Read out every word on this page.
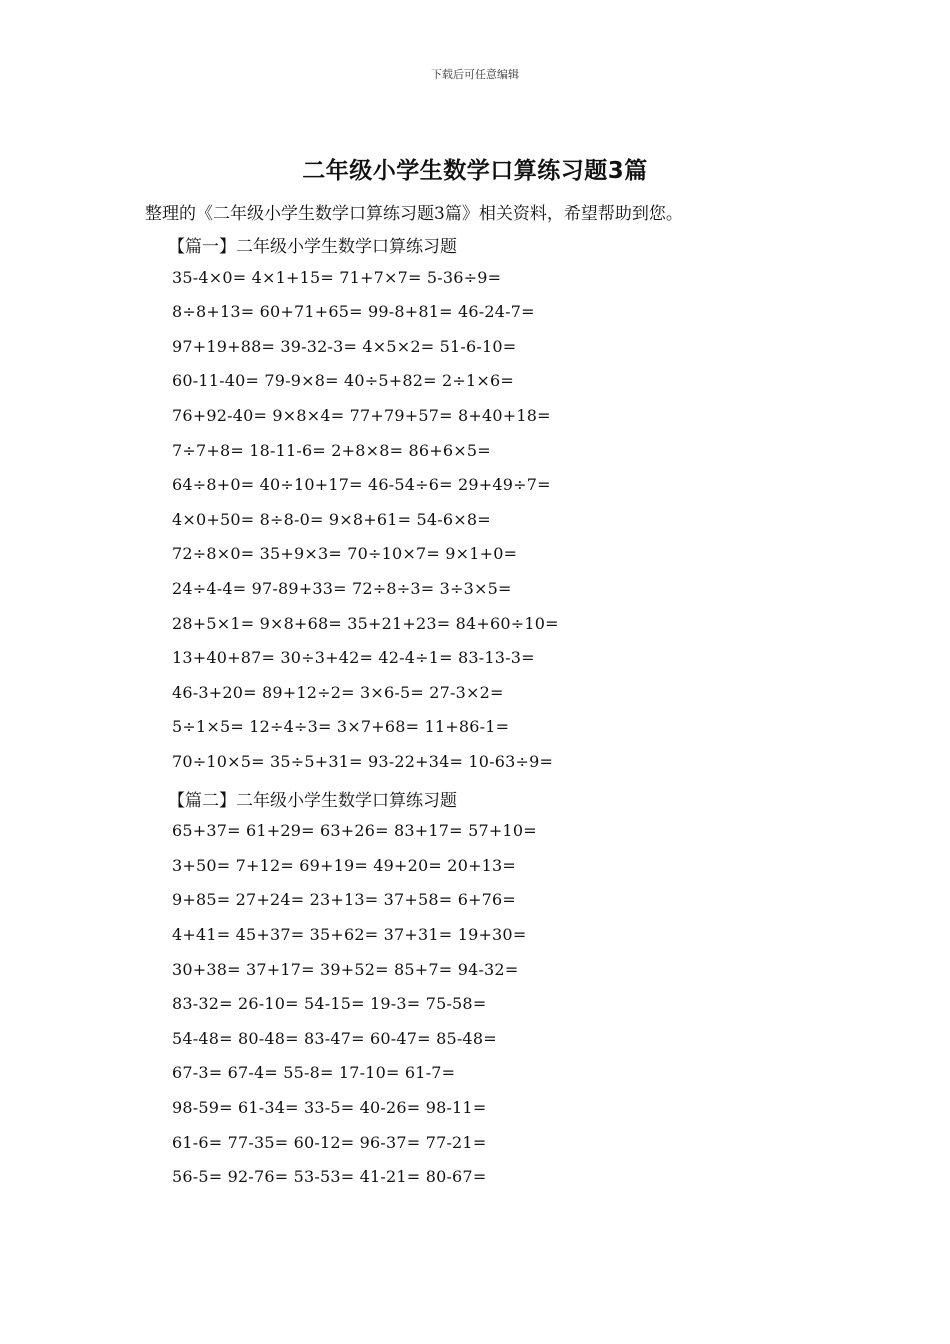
下载后可任意编辑
二年级小学生数学口算练习题3篇
整理的《二年级小学生数学口算练习题3篇》相关资料，希望帮助到您。
【篇一】二年级小学生数学口算练习题
35-4×0= 4×1+15= 71+7×7= 5-36÷9=
8÷8+13= 60+71+65= 99-8+81= 46-24-7=
97+19+88= 39-32-3= 4×5×2= 51-6-10=
60-11-40= 79-9×8= 40÷5+82= 2÷1×6=
76+92-40= 9×8×4= 77+79+57= 8+40+18=
7÷7+8= 18-11-6= 2+8×8= 86+6×5=
64÷8+0= 40÷10+17= 46-54÷6= 29+49÷7=
4×0+50= 8÷8-0= 9×8+61= 54-6×8=
72÷8×0= 35+9×3= 70÷10×7= 9×1+0=
24÷4-4= 97-89+33= 72÷8÷3= 3÷3×5=
28+5×1= 9×8+68= 35+21+23= 84+60÷10=
13+40+87= 30÷3+42= 42-4÷1= 83-13-3=
46-3+20= 89+12÷2= 3×6-5= 27-3×2=
5÷1×5= 12÷4÷3= 3×7+68= 11+86-1=
70÷10×5= 35÷5+31= 93-22+34= 10-63÷9=
【篇二】二年级小学生数学口算练习题
65+37= 61+29= 63+26= 83+17= 57+10=
3+50= 7+12= 69+19= 49+20= 20+13=
9+85= 27+24= 23+13= 37+58= 6+76=
4+41= 45+37= 35+62= 37+31= 19+30=
30+38= 37+17= 39+52= 85+7= 94-32=
83-32= 26-10= 54-15= 19-3= 75-58=
54-48= 80-48= 83-47= 60-47= 85-48=
67-3= 67-4= 55-8= 17-10= 61-7=
98-59= 61-34= 33-5= 40-26= 98-11=
61-6= 77-35= 60-12= 96-37= 77-21=
56-5= 92-76= 53-53= 41-21= 80-67=
